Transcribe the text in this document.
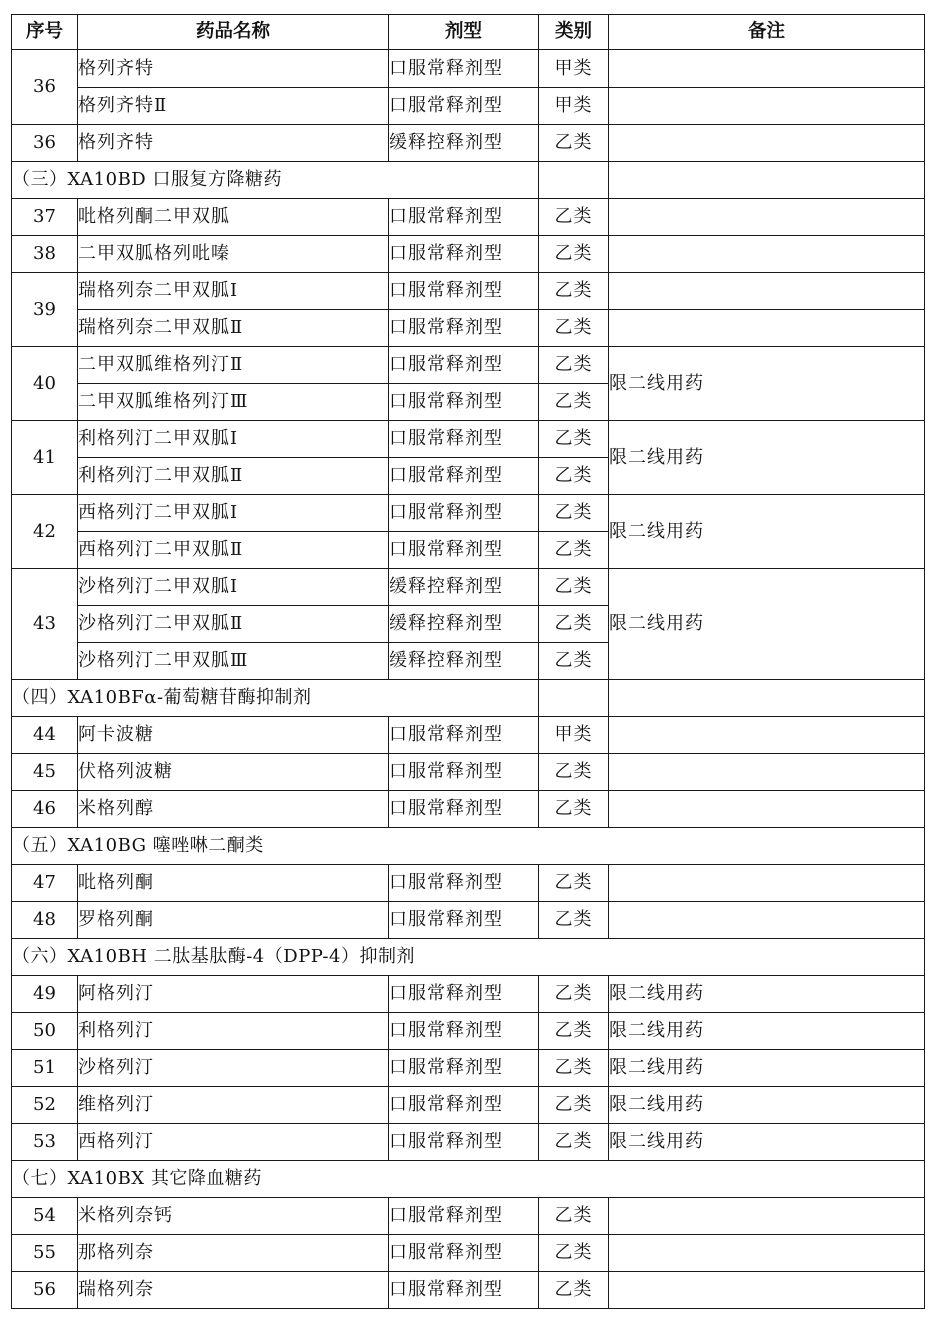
序号	药品名称	剂型	类别	备注
36	格列齐特	口服常释剂型	甲类	
	格列齐特Ⅱ	口服常释剂型	甲类	
36	格列齐特	缓释控释剂型	乙类	
（三）XA10BD 口服复方降糖药				
37	吡格列酮二甲双胍	口服常释剂型	乙类	
38	二甲双胍格列吡嗪	口服常释剂型	乙类	
39	瑞格列奈二甲双胍Ⅰ	口服常释剂型	乙类	
	瑞格列奈二甲双胍Ⅱ	口服常释剂型	乙类	
40	二甲双胍维格列汀Ⅱ	口服常释剂型	乙类	限二线用药
	二甲双胍维格列汀Ⅲ	口服常释剂型	乙类	
41	利格列汀二甲双胍Ⅰ	口服常释剂型	乙类	限二线用药
	利格列汀二甲双胍Ⅱ	口服常释剂型	乙类	
42	西格列汀二甲双胍Ⅰ	口服常释剂型	乙类	限二线用药
	西格列汀二甲双胍Ⅱ	口服常释剂型	乙类	
43	沙格列汀二甲双胍Ⅰ	缓释控释剂型	乙类	限二线用药
	沙格列汀二甲双胍Ⅱ	缓释控释剂型	乙类	
	沙格列汀二甲双胍Ⅲ	缓释控释剂型	乙类	
（四）XA10BFα-葡萄糖苷酶抑制剂				
44	阿卡波糖	口服常释剂型	甲类	
45	伏格列波糖	口服常释剂型	乙类	
46	米格列醇	口服常释剂型	乙类	
（五）XA10BG 噻唑啉二酮类				
47	吡格列酮	口服常释剂型	乙类	
48	罗格列酮	口服常释剂型	乙类	
（六）XA10BH 二肽基肽酶-4（DPP-4）抑制剂				
49	阿格列汀	口服常释剂型	乙类	限二线用药
50	利格列汀	口服常释剂型	乙类	限二线用药
51	沙格列汀	口服常释剂型	乙类	限二线用药
52	维格列汀	口服常释剂型	乙类	限二线用药
53	西格列汀	口服常释剂型	乙类	限二线用药
（七）XA10BX 其它降血糖药				
54	米格列奈钙	口服常释剂型	乙类	
55	那格列奈	口服常释剂型	乙类	
56	瑞格列奈	口服常释剂型	乙类	
